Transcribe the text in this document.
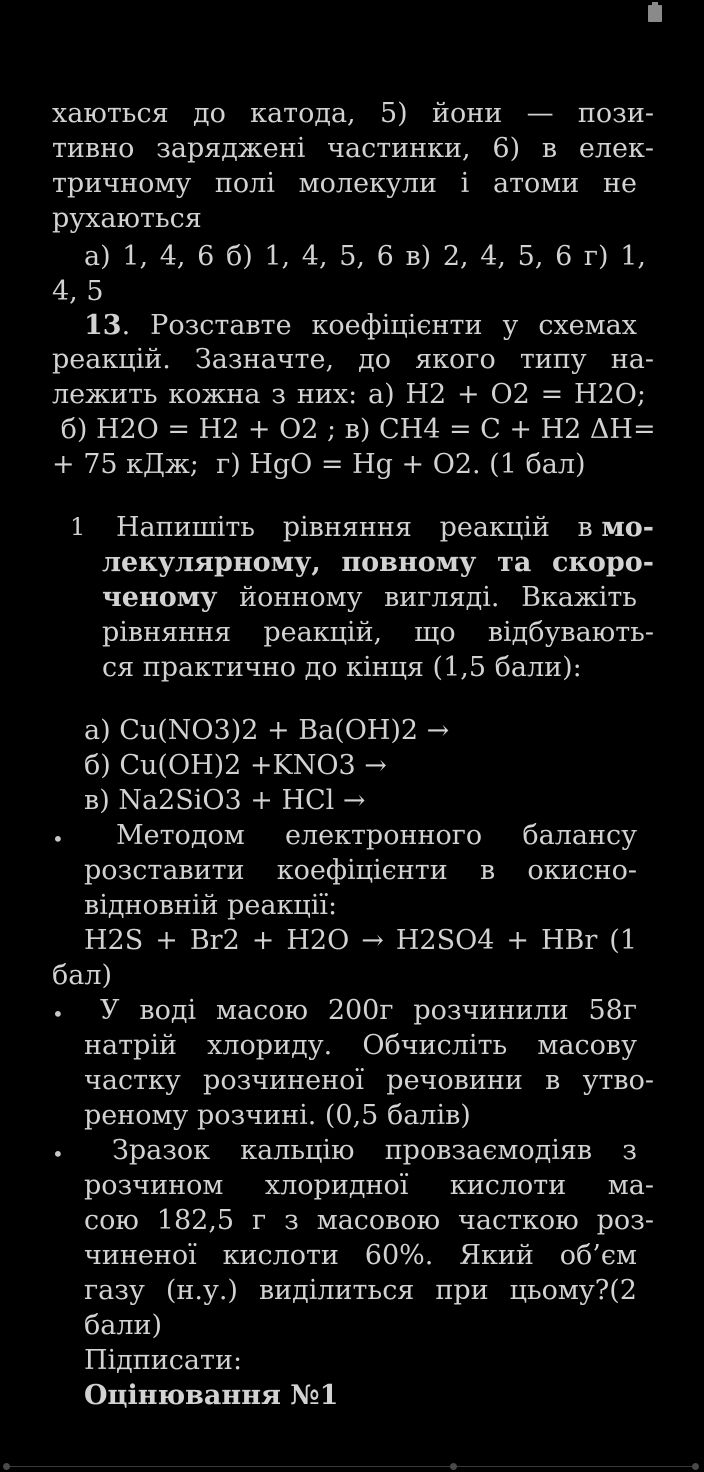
хаються до катода, 5) йони — пози-
тивно заряджені частинки, 6) в елек-
тричному полі молекули і атоми не
рухаються
а) 1, 4, 6 б) 1, 4, 5, 6 в) 2, 4, 5, 6 г) 1,
4, 5
13 . Розставте коефіцієнти у схемах
реакцій. Зазначте, до якого типу на-
лежить кожна з них: а) H2 + O2 = H2O;
б) H2O = H2 + O2 ; в) CH4 = C + H2 ΔH=
+ 75 кДж;  г) HgO = Hg + O2. (1 бал)
1 Напишіть рівняння реакцій в мо-
лекулярному, повному та скоро-
ченому йонному вигляді. Вкажіть
рівняння реакцій, що відбувають-
ся практично до кінця (1,5 бали):
а) Cu(NO3)2 + Ba(OH)2 →
б) Cu(OH)2 +KNO3 →
в) Na2SiO3 + HCl →
• Методом електронного балансу
розставити коефіцієнти в окисно-
відновній реакції:
H2S + Br2 + H2O → H2SO4 + HBr (1
бал)
• У воді масою 200г розчинили 58г
натрій хлориду. Обчисліть масову
частку розчиненої речовини в утво-
реному розчині. (0,5 балів)
• Зразок кальцію провзаємодіяв з
розчином хлоридної кислоти ма-
сою 182,5 г з масовою часткою роз-
чиненої кислоти 60%. Який об’єм
газу (н.у.) виділиться при цьому?(2
бали)
Підписати:
Оцінювання №1
